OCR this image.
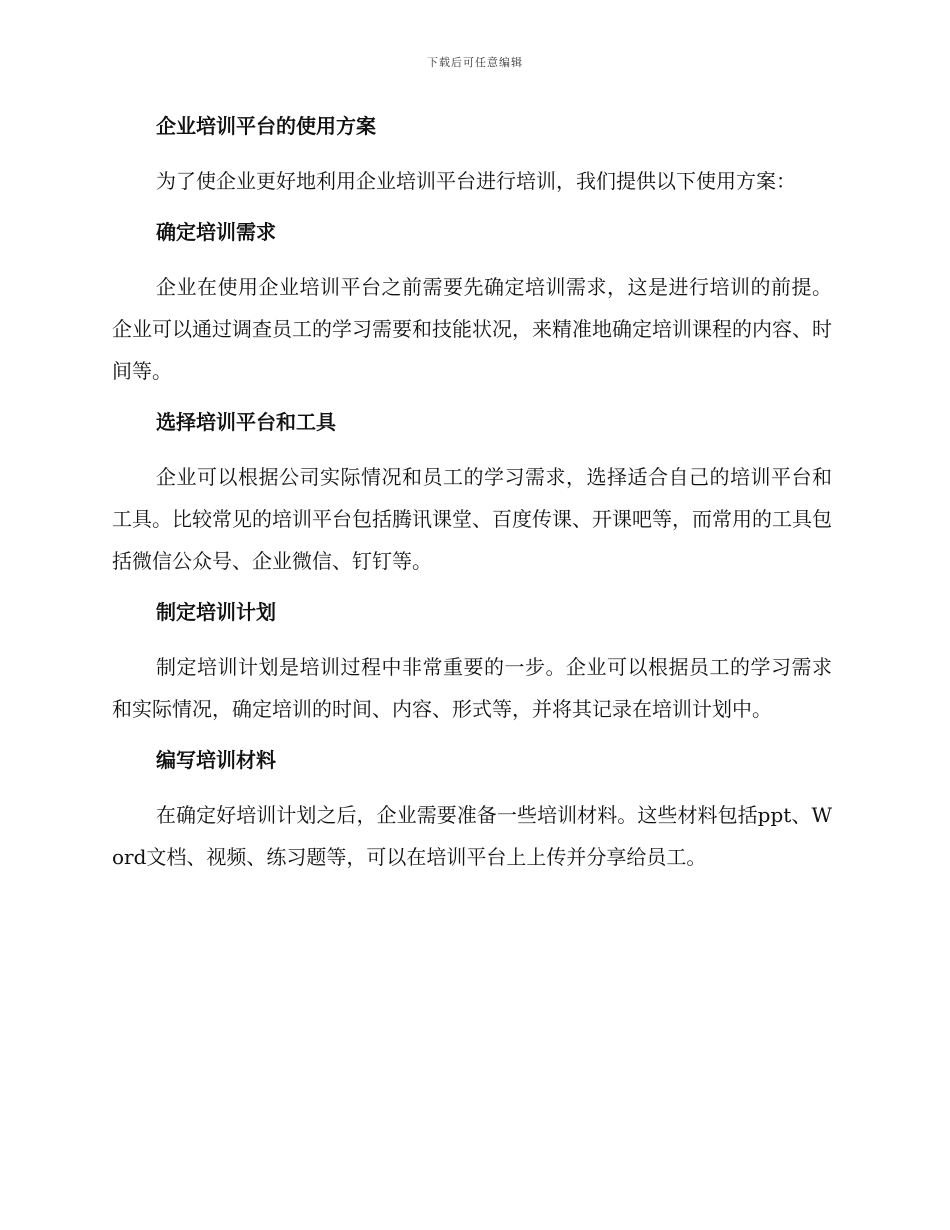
下载后可任意编辑
企业培训平台的使用方案

为了使企业更好地利用企业培训平台进行培训，我们提供以下使用方案：

确定培训需求

企业在使用企业培训平台之前需要先确定培训需求，这是进行培训的前提。企业可以通过调查员工的学习需要和技能状况，来精准地确定培训课程的内容、时间等。

选择培训平台和工具

企业可以根据公司实际情况和员工的学习需求，选择适合自己的培训平台和工具。比较常见的培训平台包括腾讯课堂、百度传课、开课吧等，而常用的工具包括微信公众号、企业微信、钉钉等。

制定培训计划

制定培训计划是培训过程中非常重要的一步。企业可以根据员工的学习需求和实际情况，确定培训的时间、内容、形式等，并将其记录在培训计划中。

编写培训材料

在确定好培训计划之后，企业需要准备一些培训材料。这些材料包括ppt、Word文档、视频、练习题等，可以在培训平台上上传并分享给员工。
